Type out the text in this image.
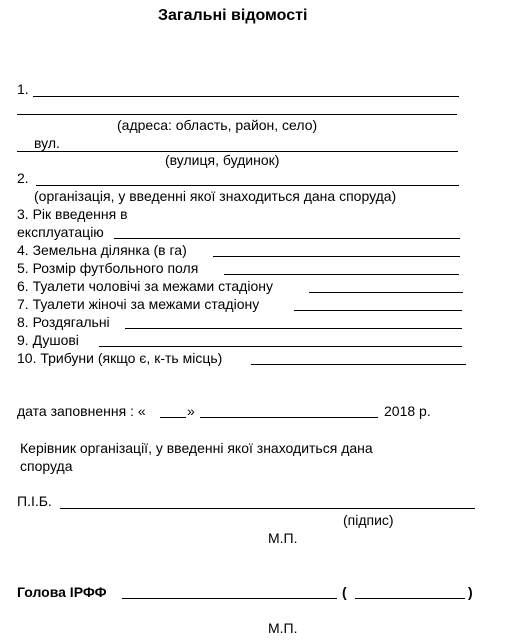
Загальні відомості
1.
(адреса: область, район, село)
вул.
(вулиця, будинок)
2.
(організація, у введенні якої знаходиться дана споруда)
3. Рік введення в
експлуатацію
4. Земельна ділянка (в га)
5. Розмір футбольного поля
6. Туалети чоловічі за межами стадіону
7. Туалети жіночі за межами стадіону
8. Роздягальні
9. Душові
10. Трибуни (якщо є, к-ть місць)
дата заповнення : «	»	2018 р.
Керівник організації, у введенні якої знаходиться дана
споруда
П.І.Б.
(підпис)
М.П.
Голова ІРФФ	(	)
М.П.
